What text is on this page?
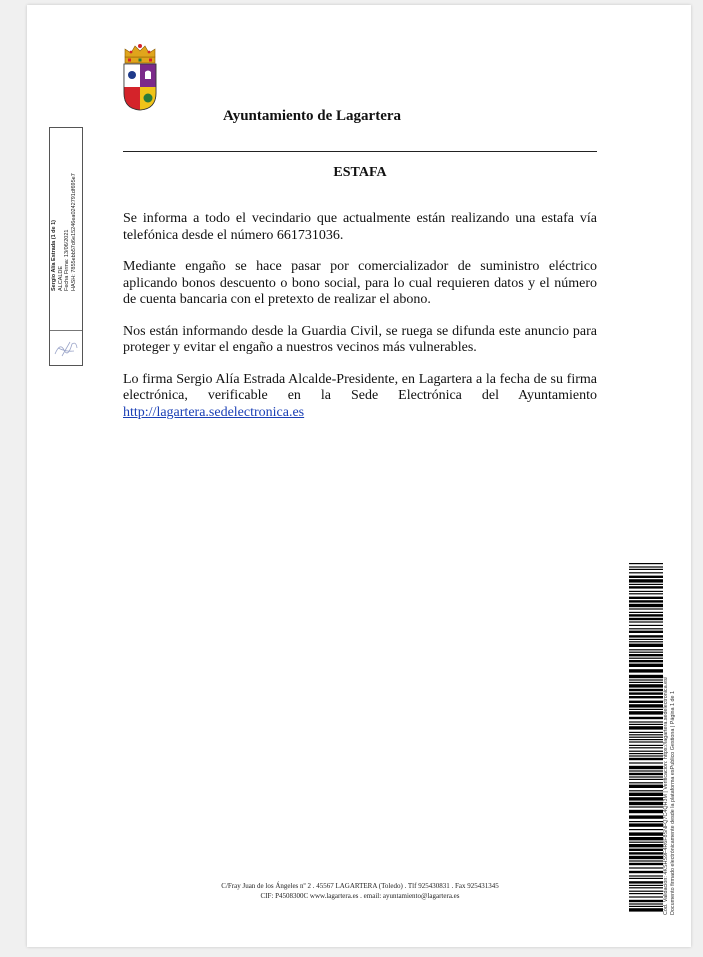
Ayuntamiento de Lagartera
ESTAFA

Se informa a todo el vecindario que actualmente están realizando una estafa vía telefónica desde el número 661731036.

Mediante engaño se hace pasar por comercializador de suministro eléctrico aplicando bonos descuento o bono social, para lo cual requieren datos y el número de cuenta bancaria con el pretexto de realizar el abono.

Nos están informando desde la Guardia Civil, se ruega se difunda este anuncio para proteger y evitar el engaño a nuestros vecinos más vulnerables.

Lo firma Sergio Alía Estrada Alcalde-Presidente, en Lagartera a la fecha de su firma electrónica, verificable en la Sede Electrónica del Ayuntamiento

http://lagartera.sedelectronica.es

Sergio Alía Estrada (1 de 1) ALCALDE Fecha Firma: 13/06/2021 HASH: 7855ebb57d6e15246ea0242791df695e7
Cód. Validación: 4KSHS9F4R6F8SNFQ7C4QH3M | Verificación: https://lagartera.sedelectronica.es/ Documento firmado electrónicamente desde la plataforma esPublico Gestiona | Página 1 de 1
C/Fray Juan de los Ángeles nº 2 . 45567 LAGARTERA (Toledo) . Tlf 925430831 . Fax 925431345
CIF: P4508300C www.lagartera.es . email: ayuntamiento@lagartera.es
